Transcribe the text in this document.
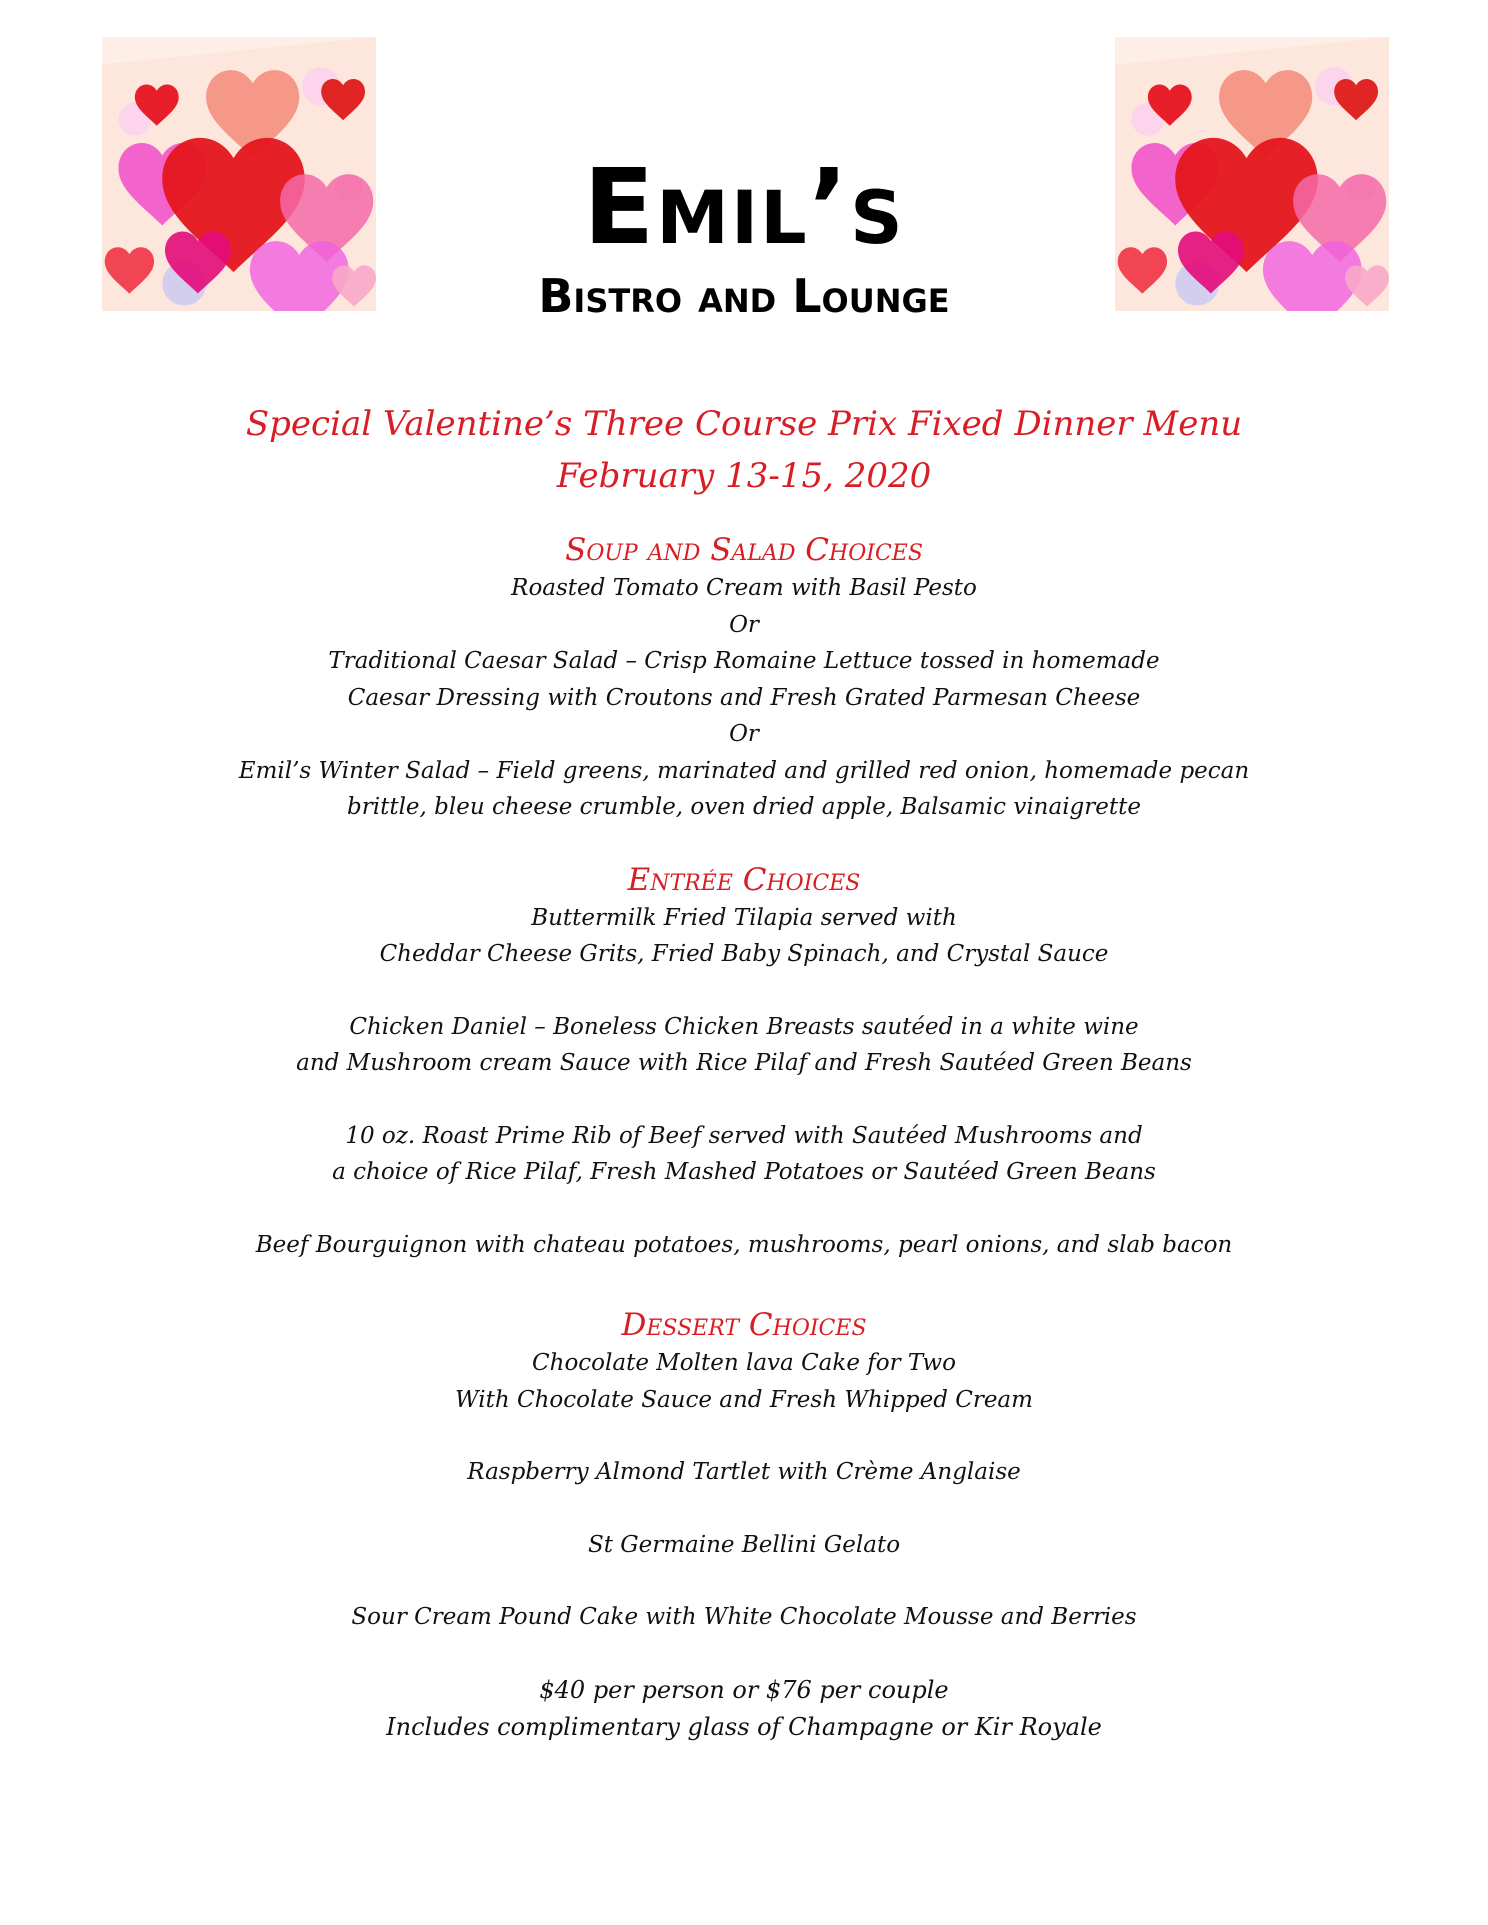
Emil’s
Bistro and Lounge
Special Valentine’s Three Course Prix Fixed Dinner Menu
February 13-15, 2020
Soup and Salad Choices
Roasted Tomato Cream with Basil Pesto
Or
Traditional Caesar Salad – Crisp Romaine Lettuce tossed in homemade
Caesar Dressing with Croutons and Fresh Grated Parmesan Cheese
Or
Emil’s Winter Salad – Field greens, marinated and grilled red onion, homemade pecan
brittle, bleu cheese crumble, oven dried apple, Balsamic vinaigrette
Entrée Choices
Buttermilk Fried Tilapia served with
Cheddar Cheese Grits, Fried Baby Spinach, and Crystal Sauce
Chicken Daniel – Boneless Chicken Breasts sautéed in a white wine
and Mushroom cream Sauce with Rice Pilaf and Fresh Sautéed Green Beans
10 oz. Roast Prime Rib of Beef served with Sautéed Mushrooms and
a choice of Rice Pilaf, Fresh Mashed Potatoes or Sautéed Green Beans
Beef Bourguignon with chateau potatoes, mushrooms, pearl onions, and slab bacon
Dessert Choices
Chocolate Molten lava Cake for Two
With Chocolate Sauce and Fresh Whipped Cream
Raspberry Almond Tartlet with Crème Anglaise
St Germaine Bellini Gelato
Sour Cream Pound Cake with White Chocolate Mousse and Berries
$40 per person or $76 per couple
Includes complimentary glass of Champagne or Kir Royale
